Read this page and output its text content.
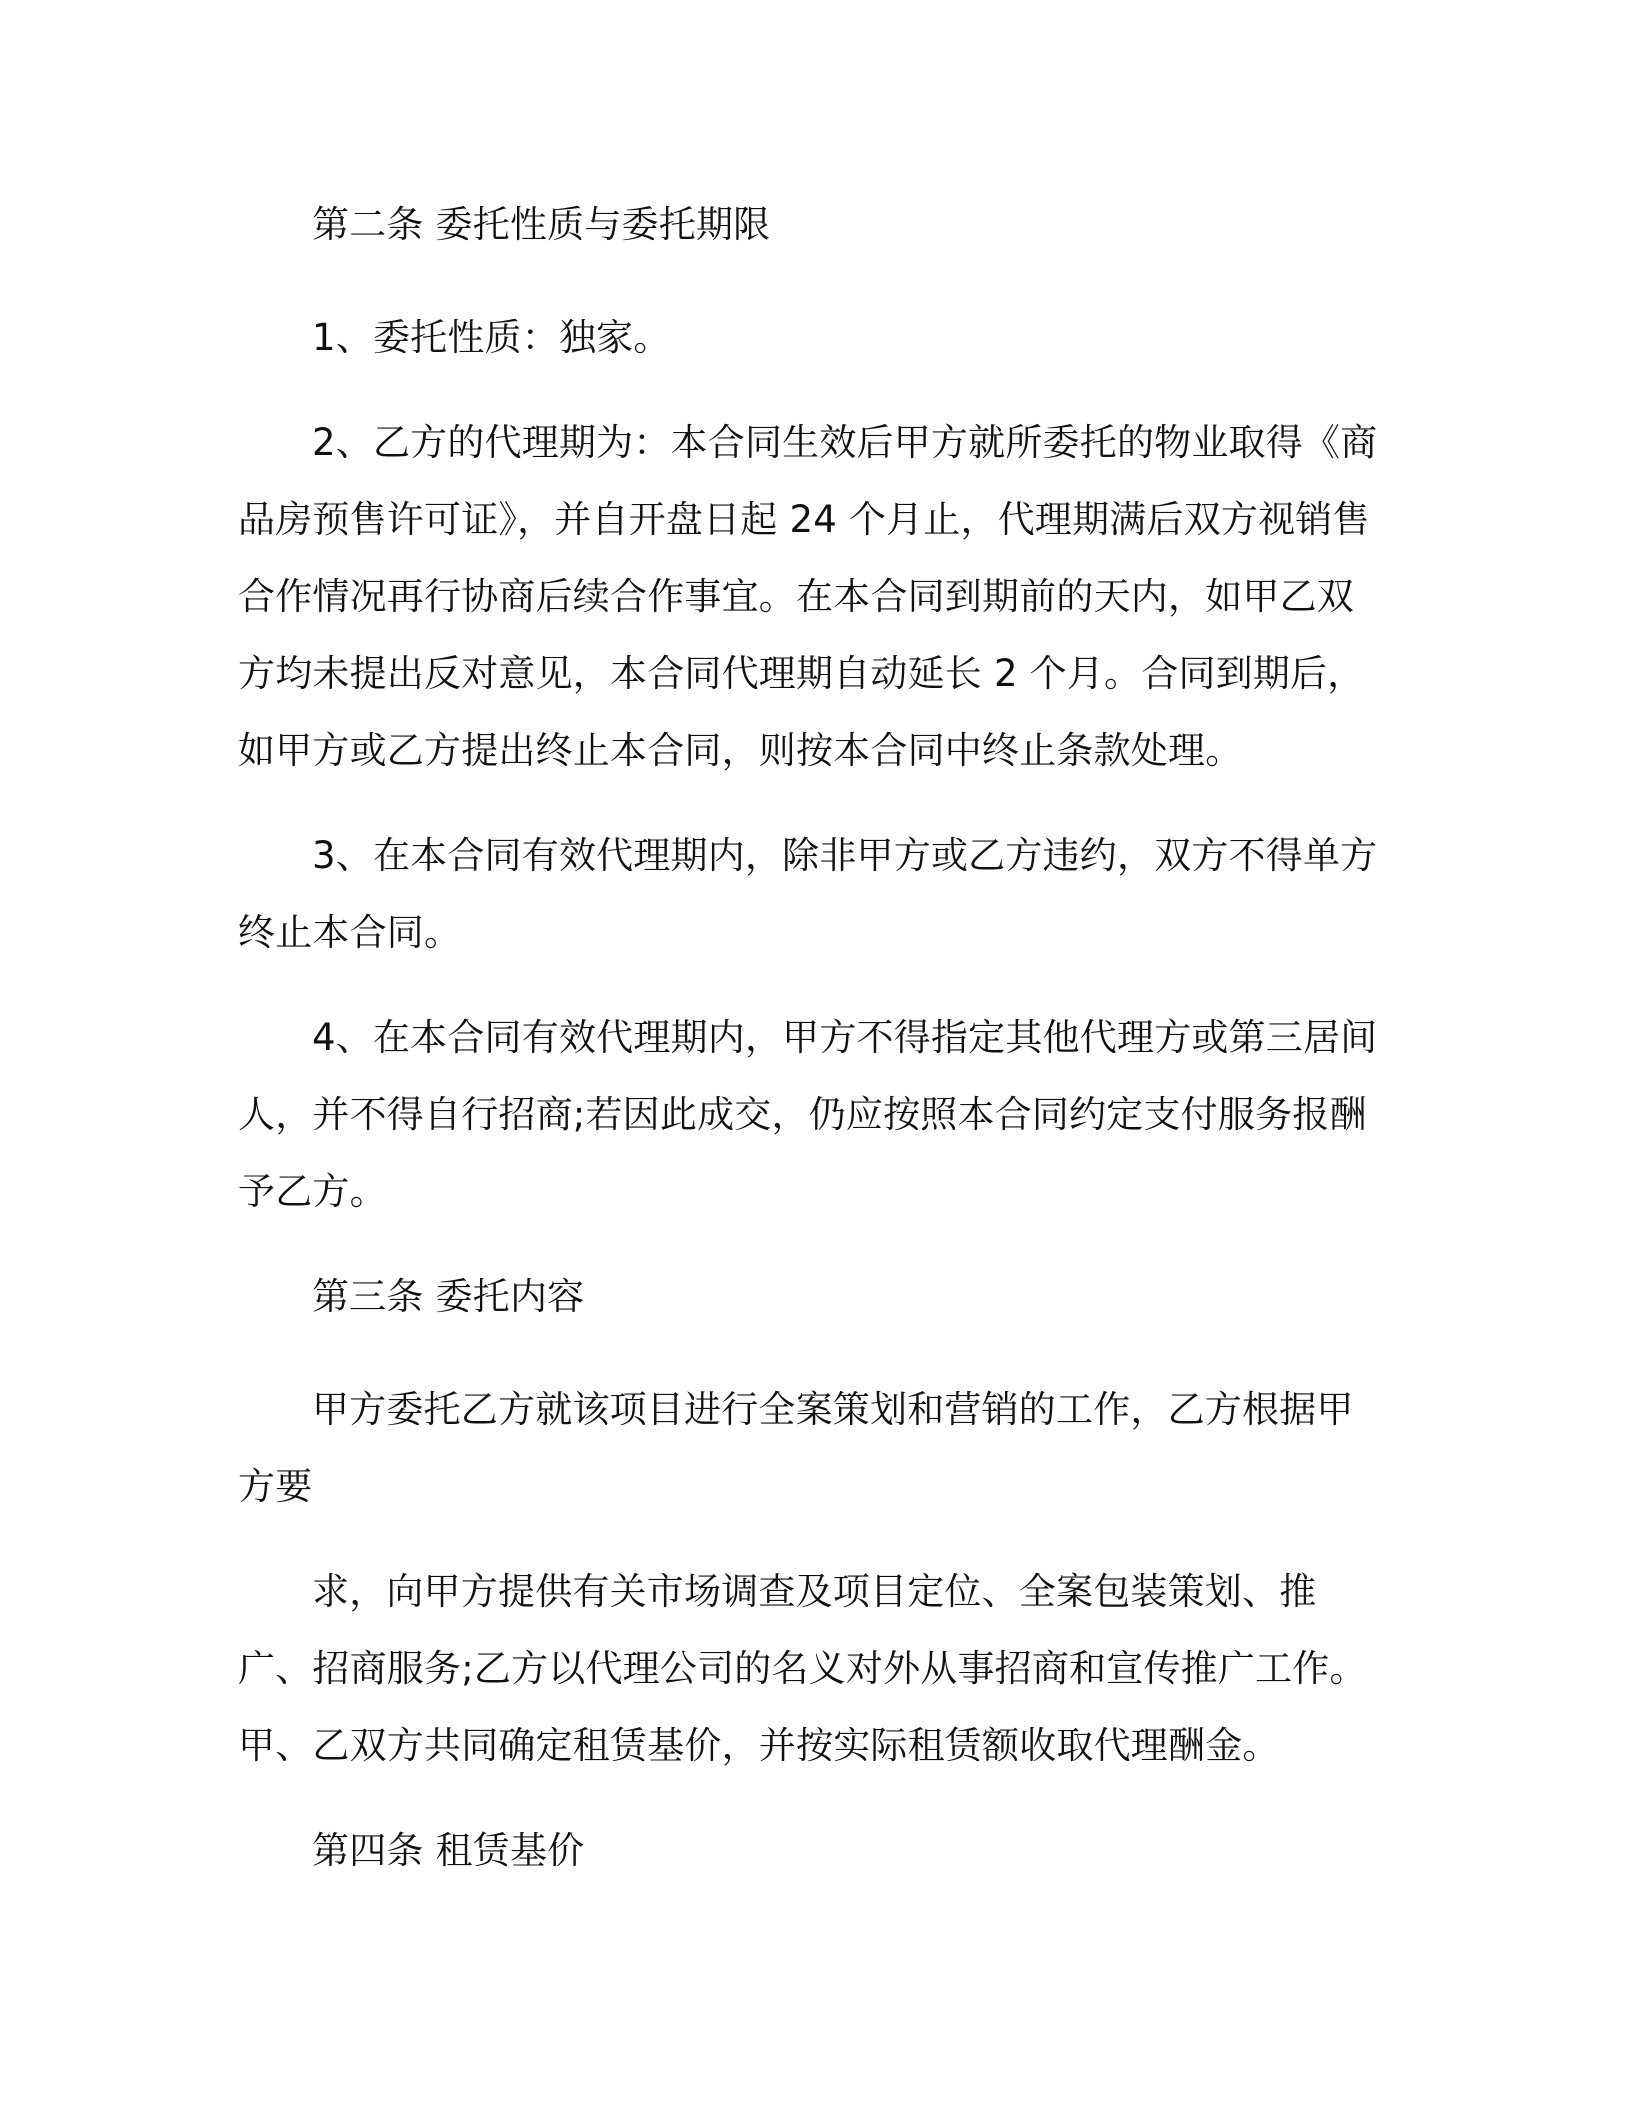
第二条 委托性质与委托期限

1、委托性质：独家。

2、乙方的代理期为：本合同生效后甲方就所委托的物业取得《商品房预售许可证》，并自开盘日起 24 个月止，代理期满后双方视销售合作情况再行协商后续合作事宜。在本合同到期前的天内，如甲乙双方均未提出反对意见，本合同代理期自动延长 2 个月。合同到期后，如甲方或乙方提出终止本合同，则按本合同中终止条款处理。

3、在本合同有效代理期内，除非甲方或乙方违约，双方不得单方终止本合同。

4、在本合同有效代理期内，甲方不得指定其他代理方或第三居间人，并不得自行招商;若因此成交，仍应按照本合同约定支付服务报酬予乙方。

第三条 委托内容

甲方委托乙方就该项目进行全案策划和营销的工作，乙方根据甲方要

求，向甲方提供有关市场调查及项目定位、全案包装策划、推广、招商服务;乙方以代理公司的名义对外从事招商和宣传推广工作。甲、乙双方共同确定租赁基价，并按实际租赁额收取代理酬金。

第四条 租赁基价
